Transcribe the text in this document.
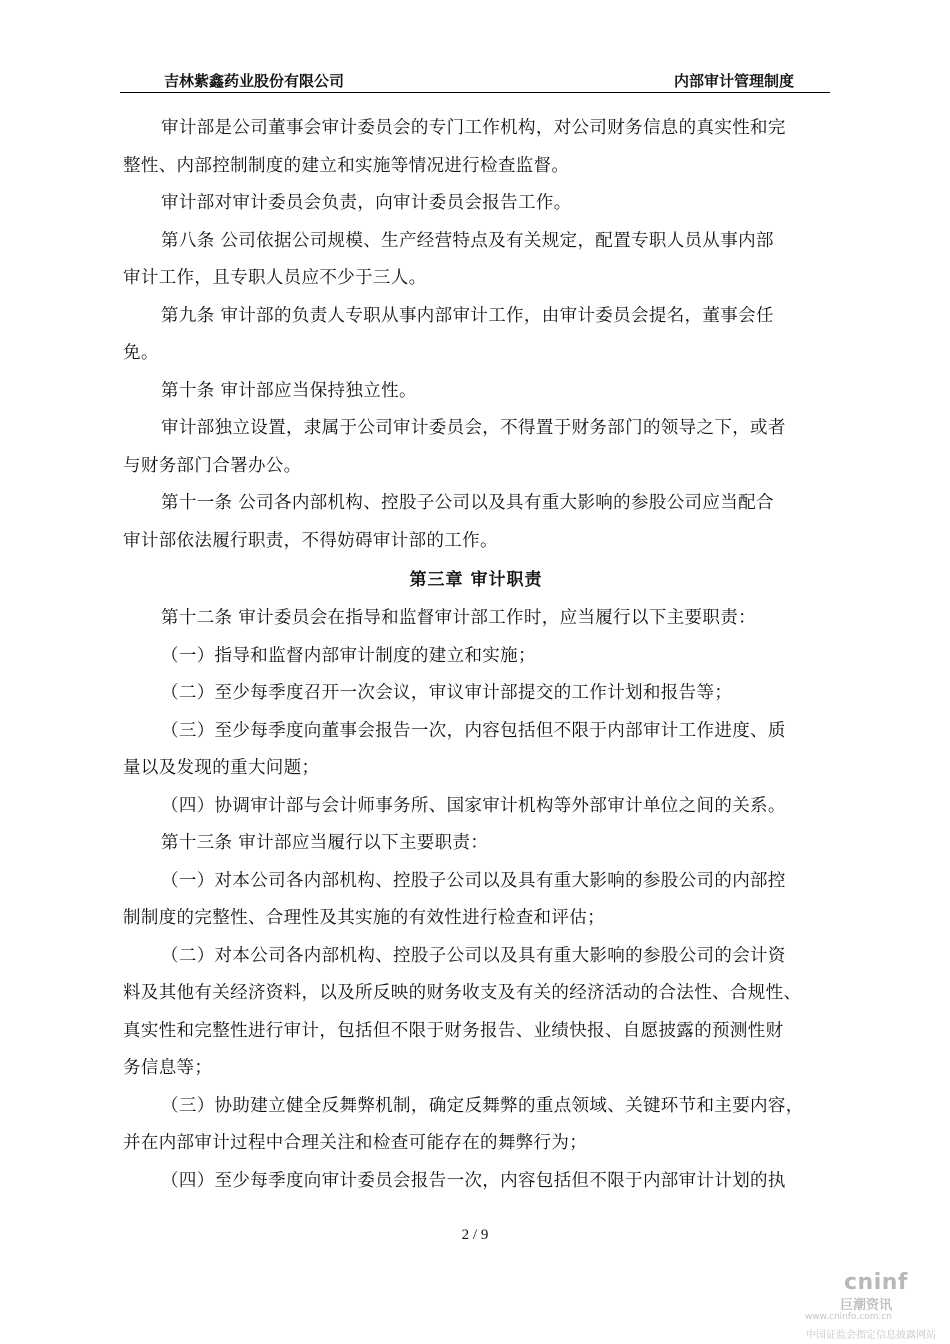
吉林紫鑫药业股份有限公司	内部审计管理制度

审计部是公司董事会审计委员会的专门工作机构，对公司财务信息的真实性和完
整性、内部控制制度的建立和实施等情况进行检查监督。

审计部对审计委员会负责，向审计委员会报告工作。

第八条 公司依据公司规模、生产经营特点及有关规定，配置专职人员从事内部
审计工作，且专职人员应不少于三人。

第九条 审计部的负责人专职从事内部审计工作，由审计委员会提名，董事会任
免。

第十条 审计部应当保持独立性。

审计部独立设置，隶属于公司审计委员会，不得置于财务部门的领导之下，或者
与财务部门合署办公。

第十一条 公司各内部机构、控股子公司以及具有重大影响的参股公司应当配合
审计部依法履行职责，不得妨碍审计部的工作。

第三章 审计职责

第十二条 审计委员会在指导和监督审计部工作时，应当履行以下主要职责：

（一）指导和监督内部审计制度的建立和实施；

（二）至少每季度召开一次会议，审议审计部提交的工作计划和报告等；

（三）至少每季度向董事会报告一次，内容包括但不限于内部审计工作进度、质
量以及发现的重大问题；

（四）协调审计部与会计师事务所、国家审计机构等外部审计单位之间的关系。

第十三条 审计部应当履行以下主要职责：

（一）对本公司各内部机构、控股子公司以及具有重大影响的参股公司的内部控
制制度的完整性、合理性及其实施的有效性进行检查和评估；

（二）对本公司各内部机构、控股子公司以及具有重大影响的参股公司的会计资
料及其他有关经济资料，以及所反映的财务收支及有关的经济活动的合法性、合规性、
真实性和完整性进行审计，包括但不限于财务报告、业绩快报、自愿披露的预测性财
务信息等；

（三）协助建立健全反舞弊机制，确定反舞弊的重点领域、关键环节和主要内容，
并在内部审计过程中合理关注和检查可能存在的舞弊行为；

（四）至少每季度向审计委员会报告一次，内容包括但不限于内部审计计划的执

2 / 9
cninf
巨潮资讯
www.cninfo.com.cn
中国证监会指定信息披露网站
